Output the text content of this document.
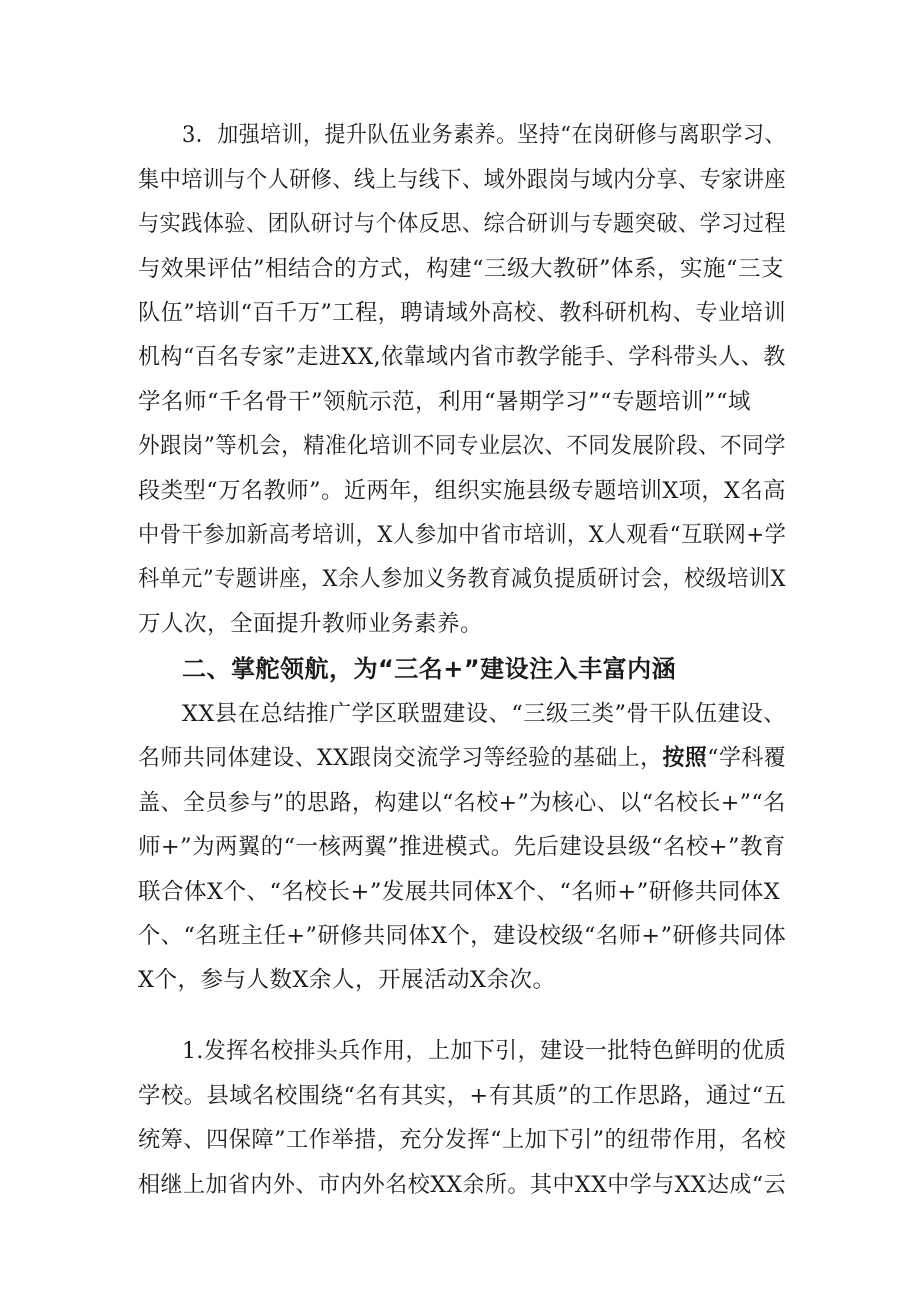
3．加强培训，提升队伍业务素养。坚持“在岗研修与离职学习、
集中培训与个人研修、线上与线下、域外跟岗与域内分享、专家讲座
与实践体验、团队研讨与个体反思、综合研训与专题突破、学习过程
与效果评估”相结合的方式，构建“三级大教研”体系，实施“三支
队伍”培训“百千万”工程，聘请域外高校、教科研机构、专业培训
机构“百名专家”走进XX,依靠域内省市教学能手、学科带头人、教
学名师“千名骨干”领航示范，利用“暑期学习”“专题培训”“域
外跟岗”等机会，精准化培训不同专业层次、不同发展阶段、不同学
段类型“万名教师”。近两年，组织实施县级专题培训X项，X名高
中骨干参加新高考培训，X人参加中省市培训，X人观看“互联网+学
科单元”专题讲座，X余人参加义务教育减负提质研讨会，校级培训X
万人次，全面提升教师业务素养。
二、掌舵领航，为“三名+”建设注入丰富内涵
XX县在总结推广学区联盟建设、“三级三类”骨干队伍建设、
名师共同体建设、XX跟岗交流学习等经验的基础上，按照“学科覆
盖、全员参与”的思路，构建以“名校+”为核心、以“名校长+”“名
师+”为两翼的“一核两翼”推进模式。先后建设县级“名校+”教育
联合体X个、“名校长+”发展共同体X个、“名师+”研修共同体X
个、“名班主任+”研修共同体X个，建设校级“名师+”研修共同体
X个，参与人数X余人，开展活动X余次。
1.发挥名校排头兵作用，上加下引，建设一批特色鲜明的优质
学校。县域名校围绕“名有其实，+有其质”的工作思路，通过“五
统筹、四保障”工作举措，充分发挥“上加下引”的纽带作用，名校
相继上加省内外、市内外名校XX余所。其中XX中学与XX达成“云
